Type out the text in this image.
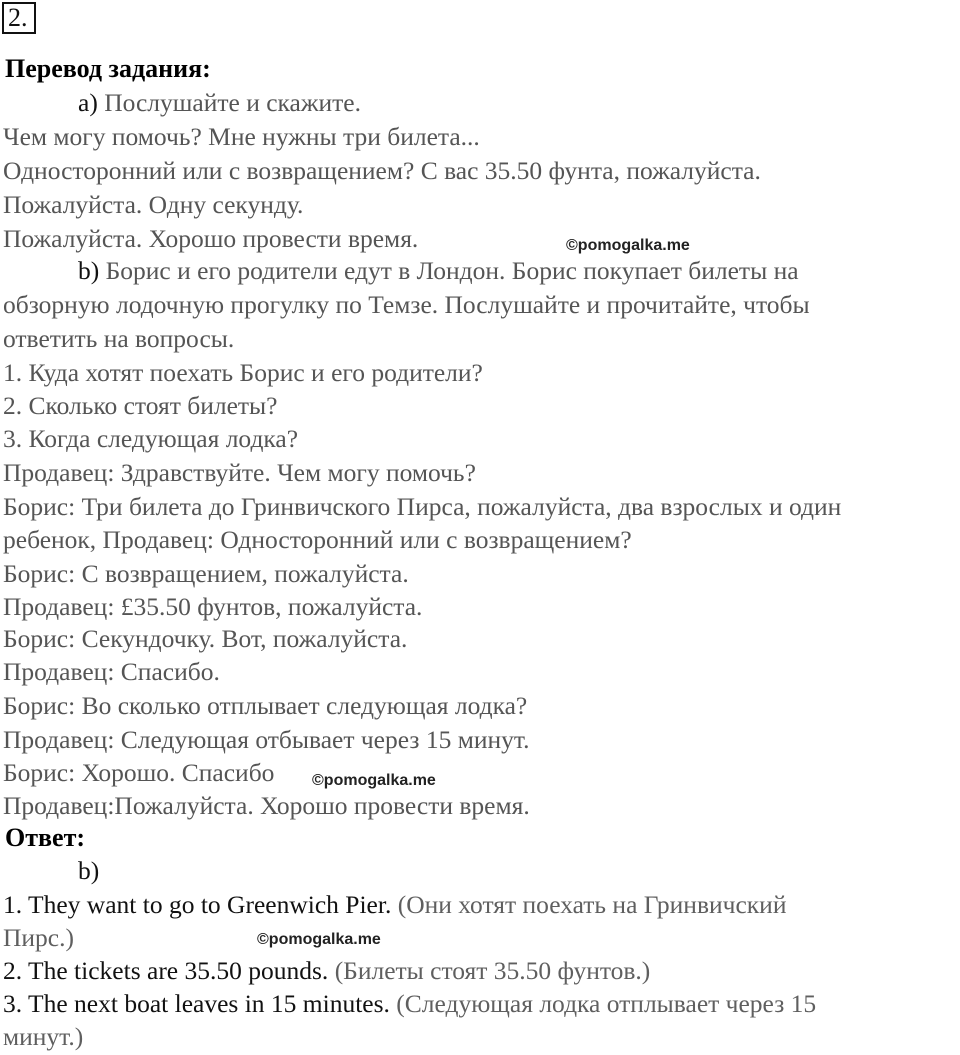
2.
Перевод задания:
a) Послушайте и скажите.
Чем могу помочь? Мне нужны три билета...
Односторонний или с возвращением? С вас 35.50 фунта, пожалуйста.
Пожалуйста. Одну секунду.
Пожалуйста. Хорошо провести время.	©pomogalka.me
b) Борис и его родители едут в Лондон. Борис покупает билеты на
обзорную лодочную прогулку по Темзе. Послушайте и прочитайте, чтобы
ответить на вопросы.
1. Куда хотят поехать Борис и его родители?
2. Сколько стоят билеты?
3. Когда следующая лодка?
Продавец: Здравствуйте. Чем могу помочь?
Борис: Три билета до Гринвичского Пирса, пожалуйста, два взрослых и один
ребенок, Продавец: Односторонний или с возвращением?
Борис: С возвращением, пожалуйста.
Продавец: £35.50 фунтов, пожалуйста.
Борис: Секундочку. Вот, пожалуйста.
Продавец: Спасибо.
Борис: Во сколько отплывает следующая лодка?
Продавец: Следующая отбывает через 15 минут.
Борис: Хорошо. Спасибо ©pomogalka.me
Продавец:Пожалуйста. Хорошо провести время.
Ответ:
b)
1. They want to go to Greenwich Pier. (Они хотят поехать на Гринвичский
Пирс.)	©pomogalka.me
2. The tickets are 35.50 pounds. (Билеты стоят 35.50 фунтов.)
3. The next boat leaves in 15 minutes. (Следующая лодка отплывает через 15
минут.)
